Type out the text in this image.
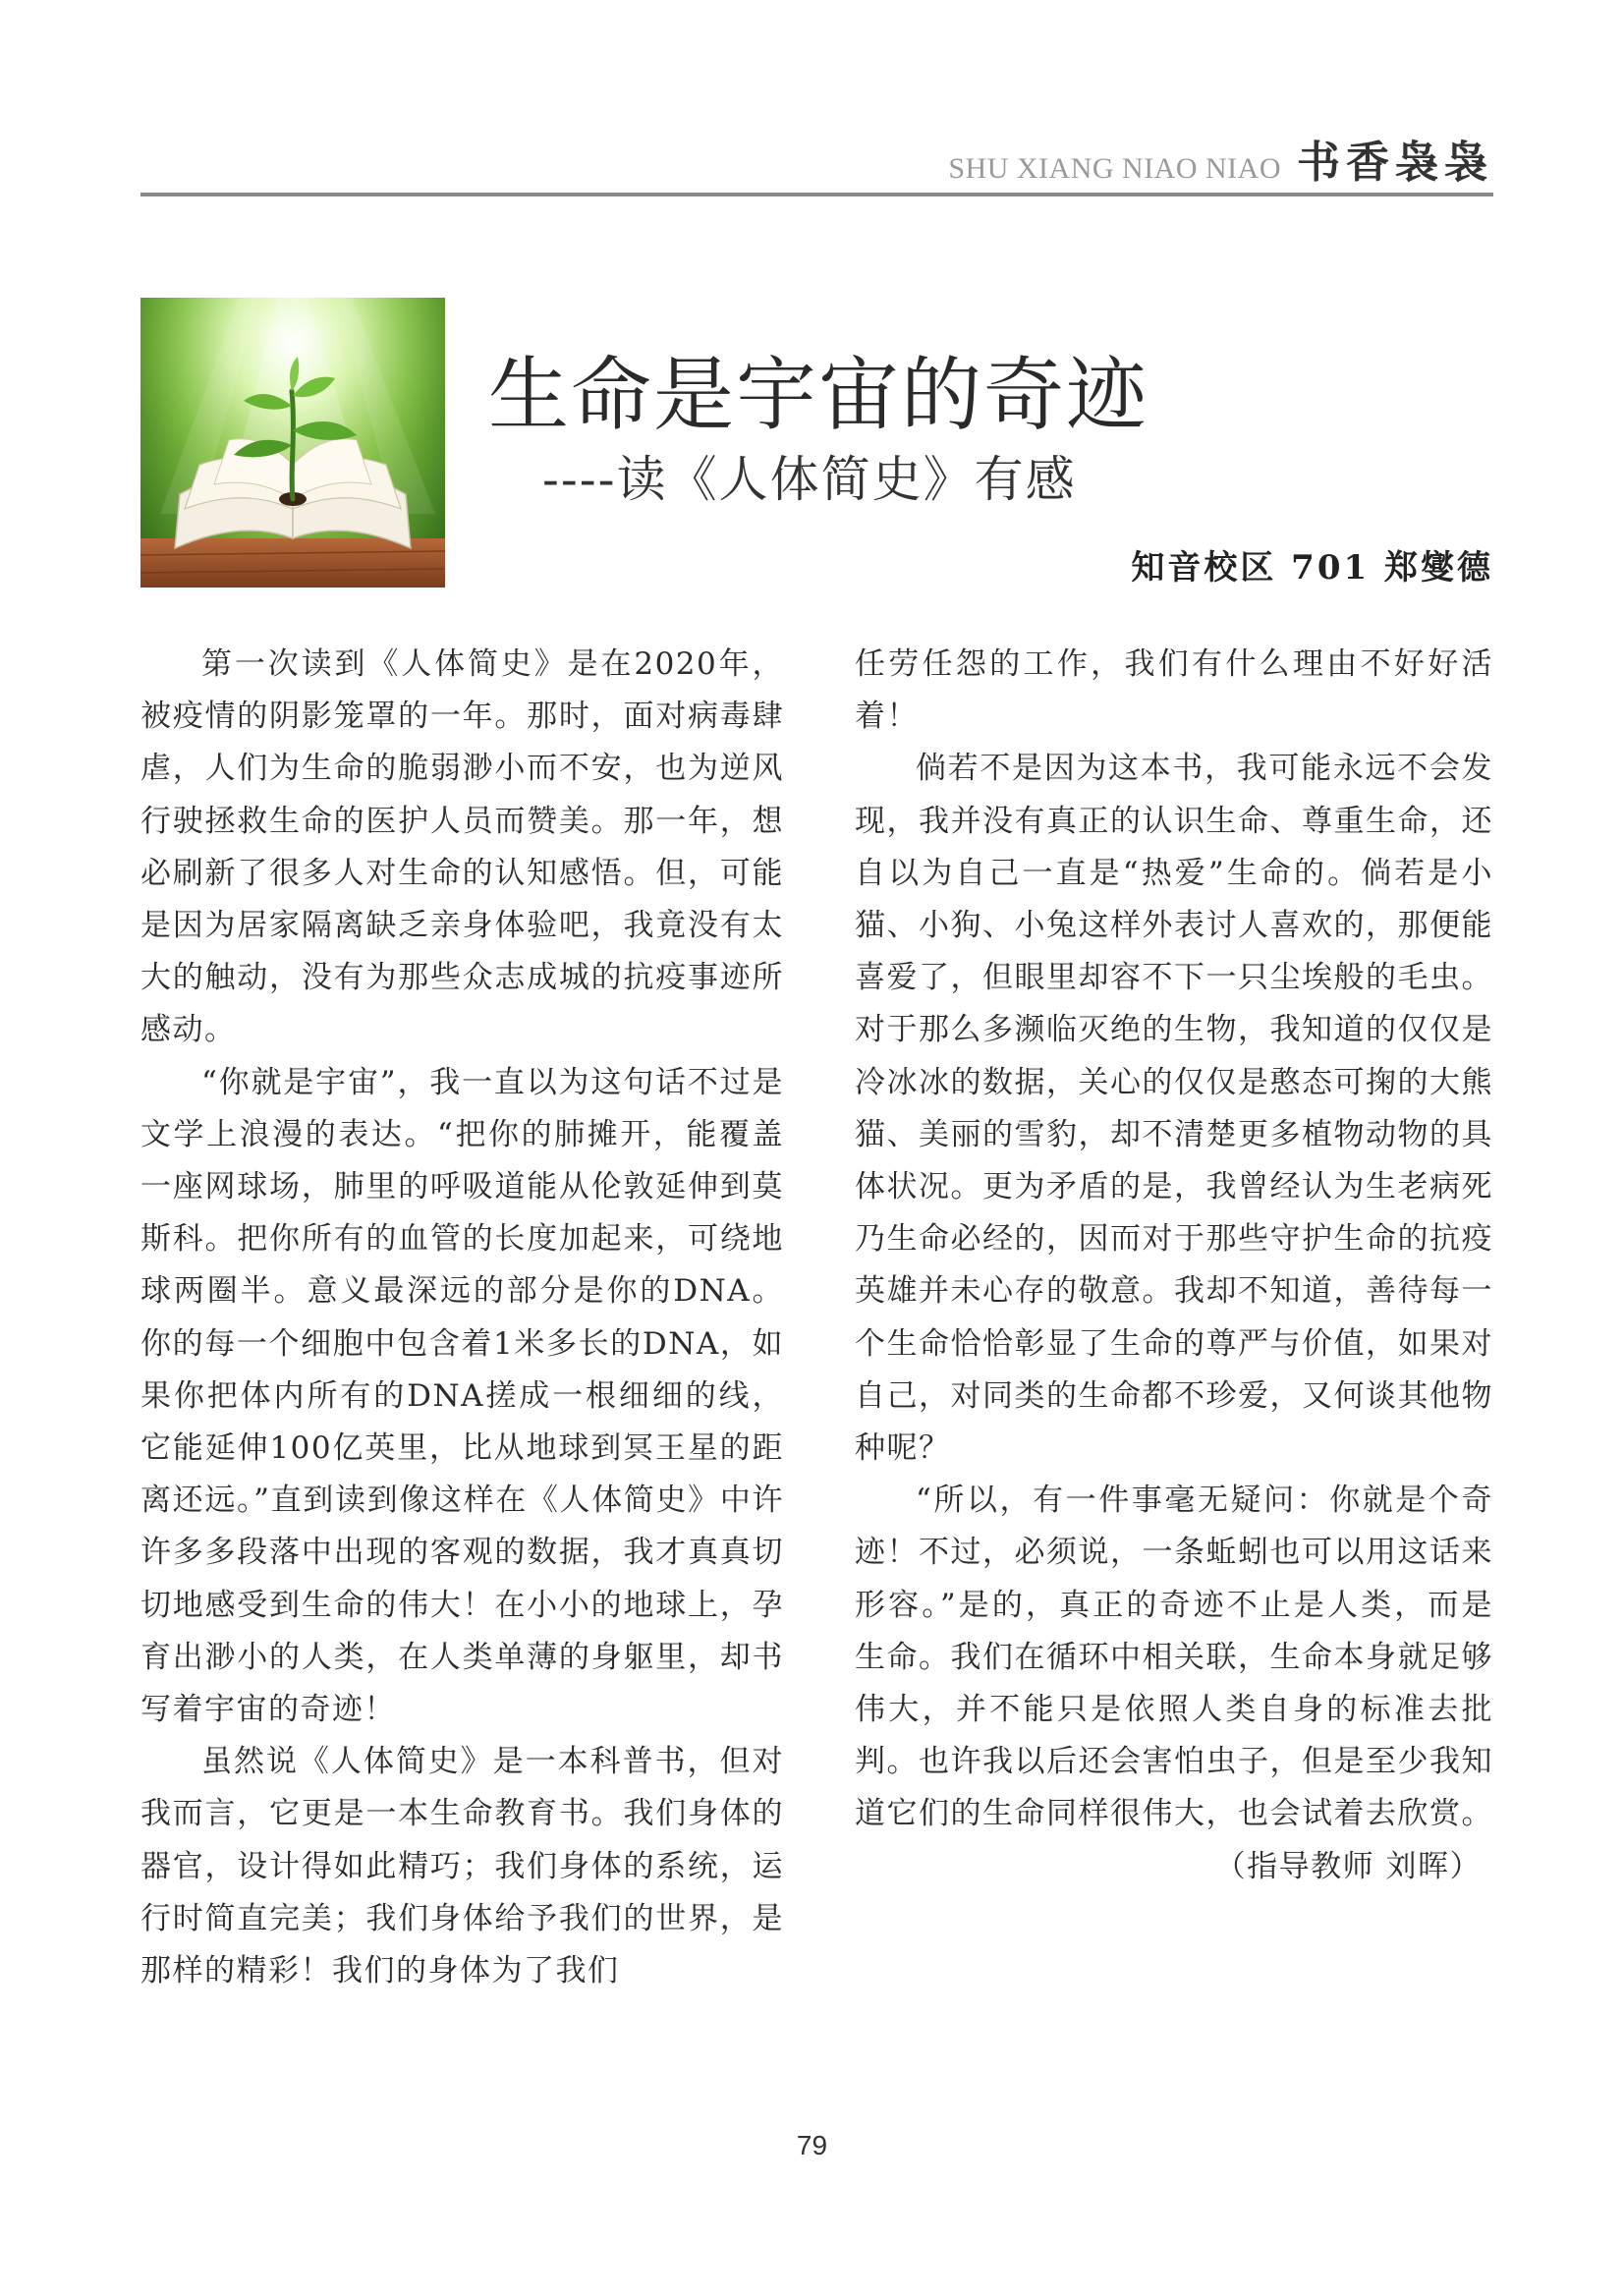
SHU XIANG NIAO NIAO 书香袅袅
生命是宇宙的奇迹
----读《人体简史》有感
知音校区 701 郑燮德

第一次读到《人体简史》是在2020年，被疫情的阴影笼罩的一年。那时，面对病毒肆虐，人们为生命的脆弱渺小而不安，也为逆风行驶拯救生命的医护人员而赞美。那一年，想必刷新了很多人对生命的认知感悟。但，可能是因为居家隔离缺乏亲身体验吧，我竟没有太大的触动，没有为那些众志成城的抗疫事迹所感动。

“你就是宇宙”，我一直以为这句话不过是文学上浪漫的表达。“把你的肺摊开，能覆盖一座网球场，肺里的呼吸道能从伦敦延伸到莫斯科。把你所有的血管的长度加起来，可绕地球两圈半。意义最深远的部分是你的DNA。你的每一个细胞中包含着1米多长的DNA，如果你把体内所有的DNA搓成一根细细的线，它能延伸100亿英里，比从地球到冥王星的距离还远。”直到读到像这样在《人体简史》中许许多多段落中出现的客观的数据，我才真真切切地感受到生命的伟大！在小小的地球上，孕育出渺小的人类，在人类单薄的身躯里，却书写着宇宙的奇迹！

虽然说《人体简史》是一本科普书，但对我而言，它更是一本生命教育书。我们身体的器官，设计得如此精巧；我们身体的系统，运行时简直完美；我们身体给予我们的世界，是那样的精彩！我们的身体为了我们

任劳任怨的工作，我们有什么理由不好好活着！

倘若不是因为这本书，我可能永远不会发现，我并没有真正的认识生命、尊重生命，还自以为自己一直是“热爱”生命的。倘若是小猫、小狗、小兔这样外表讨人喜欢的，那便能喜爱了，但眼里却容不下一只尘埃般的毛虫。对于那么多濒临灭绝的生物，我知道的仅仅是冷冰冰的数据，关心的仅仅是憨态可掬的大熊猫、美丽的雪豹，却不清楚更多植物动物的具体状况。更为矛盾的是，我曾经认为生老病死乃生命必经的，因而对于那些守护生命的抗疫英雄并未心存的敬意。我却不知道，善待每一个生命恰恰彰显了生命的尊严与价值，如果对自己，对同类的生命都不珍爱，又何谈其他物种呢？

“所以，有一件事毫无疑问：你就是个奇迹！不过，必须说，一条蚯蚓也可以用这话来形容。”是的，真正的奇迹不止是人类，而是生命。我们在循环中相关联，生命本身就足够伟大，并不能只是依照人类自身的标准去批判。也许我以后还会害怕虫子，但是至少我知道它们的生命同样很伟大，也会试着去欣赏。

（指导教师 刘晖）

79
